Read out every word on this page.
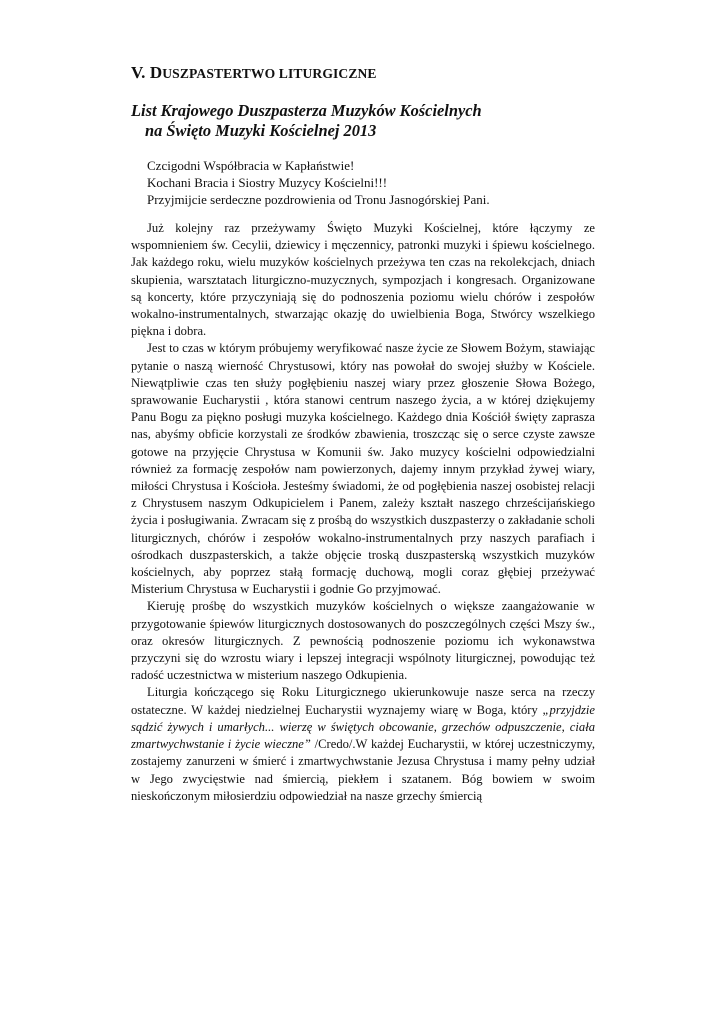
V. DUSZPASTERTWO LITURGICZNE
List Krajowego Duszpasterza Muzyków Kościelnych
na Święto Muzyki Kościelnej 2013
Czcigodni Współbracia w Kapłaństwie!
Kochani Bracia i Siostry Muzycy Kościelni!!!
Przyjmijcie serdeczne pozdrowienia od Tronu Jasnogórskiej Pani.

Już kolejny raz przeżywamy Święto Muzyki Kościelnej, które łączymy ze wspomnieniem św. Cecylii, dziewicy i męczennicy, patronki muzyki i śpiewu kościelnego. Jak każdego roku, wielu muzyków kościelnych przeżywa ten czas na rekolekcjach, dniach skupienia, warsztatach liturgiczno-muzycznych, sympozjach i kongresach. Organizowane są koncerty, które przyczyniają się do podnoszenia poziomu wielu chórów i zespołów wokalno-instrumentalnych, stwarzając okazję do uwielbienia Boga, Stwórcy wszelkiego piękna i dobra.

Jest to czas w którym próbujemy weryfikować nasze życie ze Słowem Bożym, stawiając pytanie o naszą wierność Chrystusowi, który nas powołał do swojej służby w Kościele. Niewątpliwie czas ten służy pogłębieniu naszej wiary przez głoszenie Słowa Bożego, sprawowanie Eucharystii , która stanowi centrum naszego życia, a w której dziękujemy Panu Bogu za piękno posługi muzyka kościelnego. Każdego dnia Kościół święty zaprasza nas, abyśmy obficie korzystali ze środków zbawienia, troszcząc się o serce czyste zawsze gotowe na przyjęcie Chrystusa w Komunii św. Jako muzycy kościelni odpowiedzialni również za formację zespołów nam powierzonych, dajemy innym przykład żywej wiary, miłości Chrystusa i Kościoła. Jesteśmy świadomi, że od pogłębienia naszej osobistej relacji z Chrystusem naszym Odkupicielem i Panem, zależy kształt naszego chrześcijańskiego życia i posługiwania. Zwracam się z prośbą do wszystkich duszpasterzy o zakładanie scholi liturgicznych, chórów i zespołów wokalno-instrumentalnych przy naszych parafiach i ośrodkach duszpasterskich, a także objęcie troską duszpasterską wszystkich muzyków kościelnych, aby poprzez stałą formację duchową, mogli coraz głębiej przeżywać Misterium Chrystusa w Eucharystii i godnie Go przyjmować.

Kieruję prośbę do wszystkich muzyków kościelnych o większe zaangażowanie w przygotowanie śpiewów liturgicznych dostosowanych do poszczególnych części Mszy św., oraz okresów liturgicznych. Z pewnością podnoszenie poziomu ich wykonawstwa przyczyni się do wzrostu wiary i lepszej integracji wspólnoty liturgicznej, powodując też radość uczestnictwa w misterium naszego Odkupienia.

Liturgia kończącego się Roku Liturgicznego ukierunkowuje nasze serca na rzeczy ostateczne. W każdej niedzielnej Eucharystii wyznajemy wiarę w Boga, który „przyjdzie sądzić żywych i umarłych... wierzę w świętych obcowanie, grzechów odpuszczenie, ciała zmartwychwstanie i życie wieczne” /Credo/.W każdej Eucharystii, w której uczestniczymy, zostajemy zanurzeni w śmierć i zmartwychwstanie Jezusa Chrystusa i mamy pełny udział w Jego zwycięstwie nad śmiercią, piekłem i szatanem. Bóg bowiem w swoim nieskończonym miłosierdziu odpowiedział na nasze grzechy śmiercią
